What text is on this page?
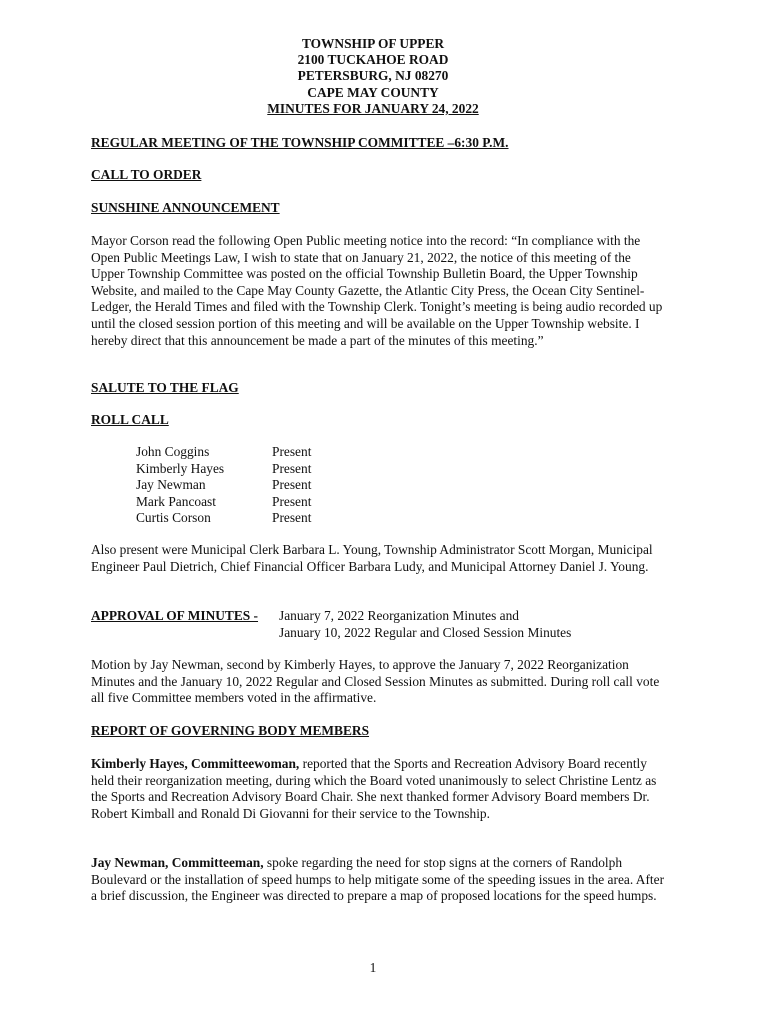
TOWNSHIP OF UPPER
2100 TUCKAHOE ROAD
PETERSBURG, NJ 08270
CAPE MAY COUNTY
MINUTES FOR JANUARY 24, 2022
REGULAR MEETING OF THE TOWNSHIP COMMITTEE –6:30 P.M.
CALL TO ORDER
SUNSHINE ANNOUNCEMENT
Mayor Corson read the following Open Public meeting notice into the record: “In compliance with the Open Public Meetings Law, I wish to state that on January 21, 2022, the notice of this meeting of the Upper Township Committee was posted on the official Township Bulletin Board, the Upper Township Website, and mailed to the Cape May County Gazette, the Atlantic City Press, the Ocean City Sentinel-Ledger, the Herald Times and filed with the Township Clerk. Tonight’s meeting is being audio recorded up until the closed session portion of this meeting and will be available on the Upper Township website. I hereby direct that this announcement be made a part of the minutes of this meeting.”
SALUTE TO THE FLAG
ROLL CALL
John Coggins	Present
Kimberly Hayes	Present
Jay Newman	Present
Mark Pancoast	Present
Curtis Corson	Present
Also present were Municipal Clerk Barbara L. Young, Township Administrator Scott Morgan, Municipal Engineer Paul Dietrich, Chief Financial Officer Barbara Ludy, and Municipal Attorney Daniel J. Young.
APPROVAL OF MINUTES -	January 7, 2022 Reorganization Minutes and
January 10, 2022 Regular and Closed Session Minutes
Motion by Jay Newman, second by Kimberly Hayes, to approve the January 7, 2022 Reorganization Minutes and the January 10, 2022 Regular and Closed Session Minutes as submitted. During roll call vote all five Committee members voted in the affirmative.
REPORT OF GOVERNING BODY MEMBERS
Kimberly Hayes, Committeewoman, reported that the Sports and Recreation Advisory Board recently held their reorganization meeting, during which the Board voted unanimously to select Christine Lentz as the Sports and Recreation Advisory Board Chair. She next thanked former Advisory Board members Dr. Robert Kimball and Ronald Di Giovanni for their service to the Township.
Jay Newman, Committeeman, spoke regarding the need for stop signs at the corners of Randolph Boulevard or the installation of speed humps to help mitigate some of the speeding issues in the area. After a brief discussion, the Engineer was directed to prepare a map of proposed locations for the speed humps.
1
